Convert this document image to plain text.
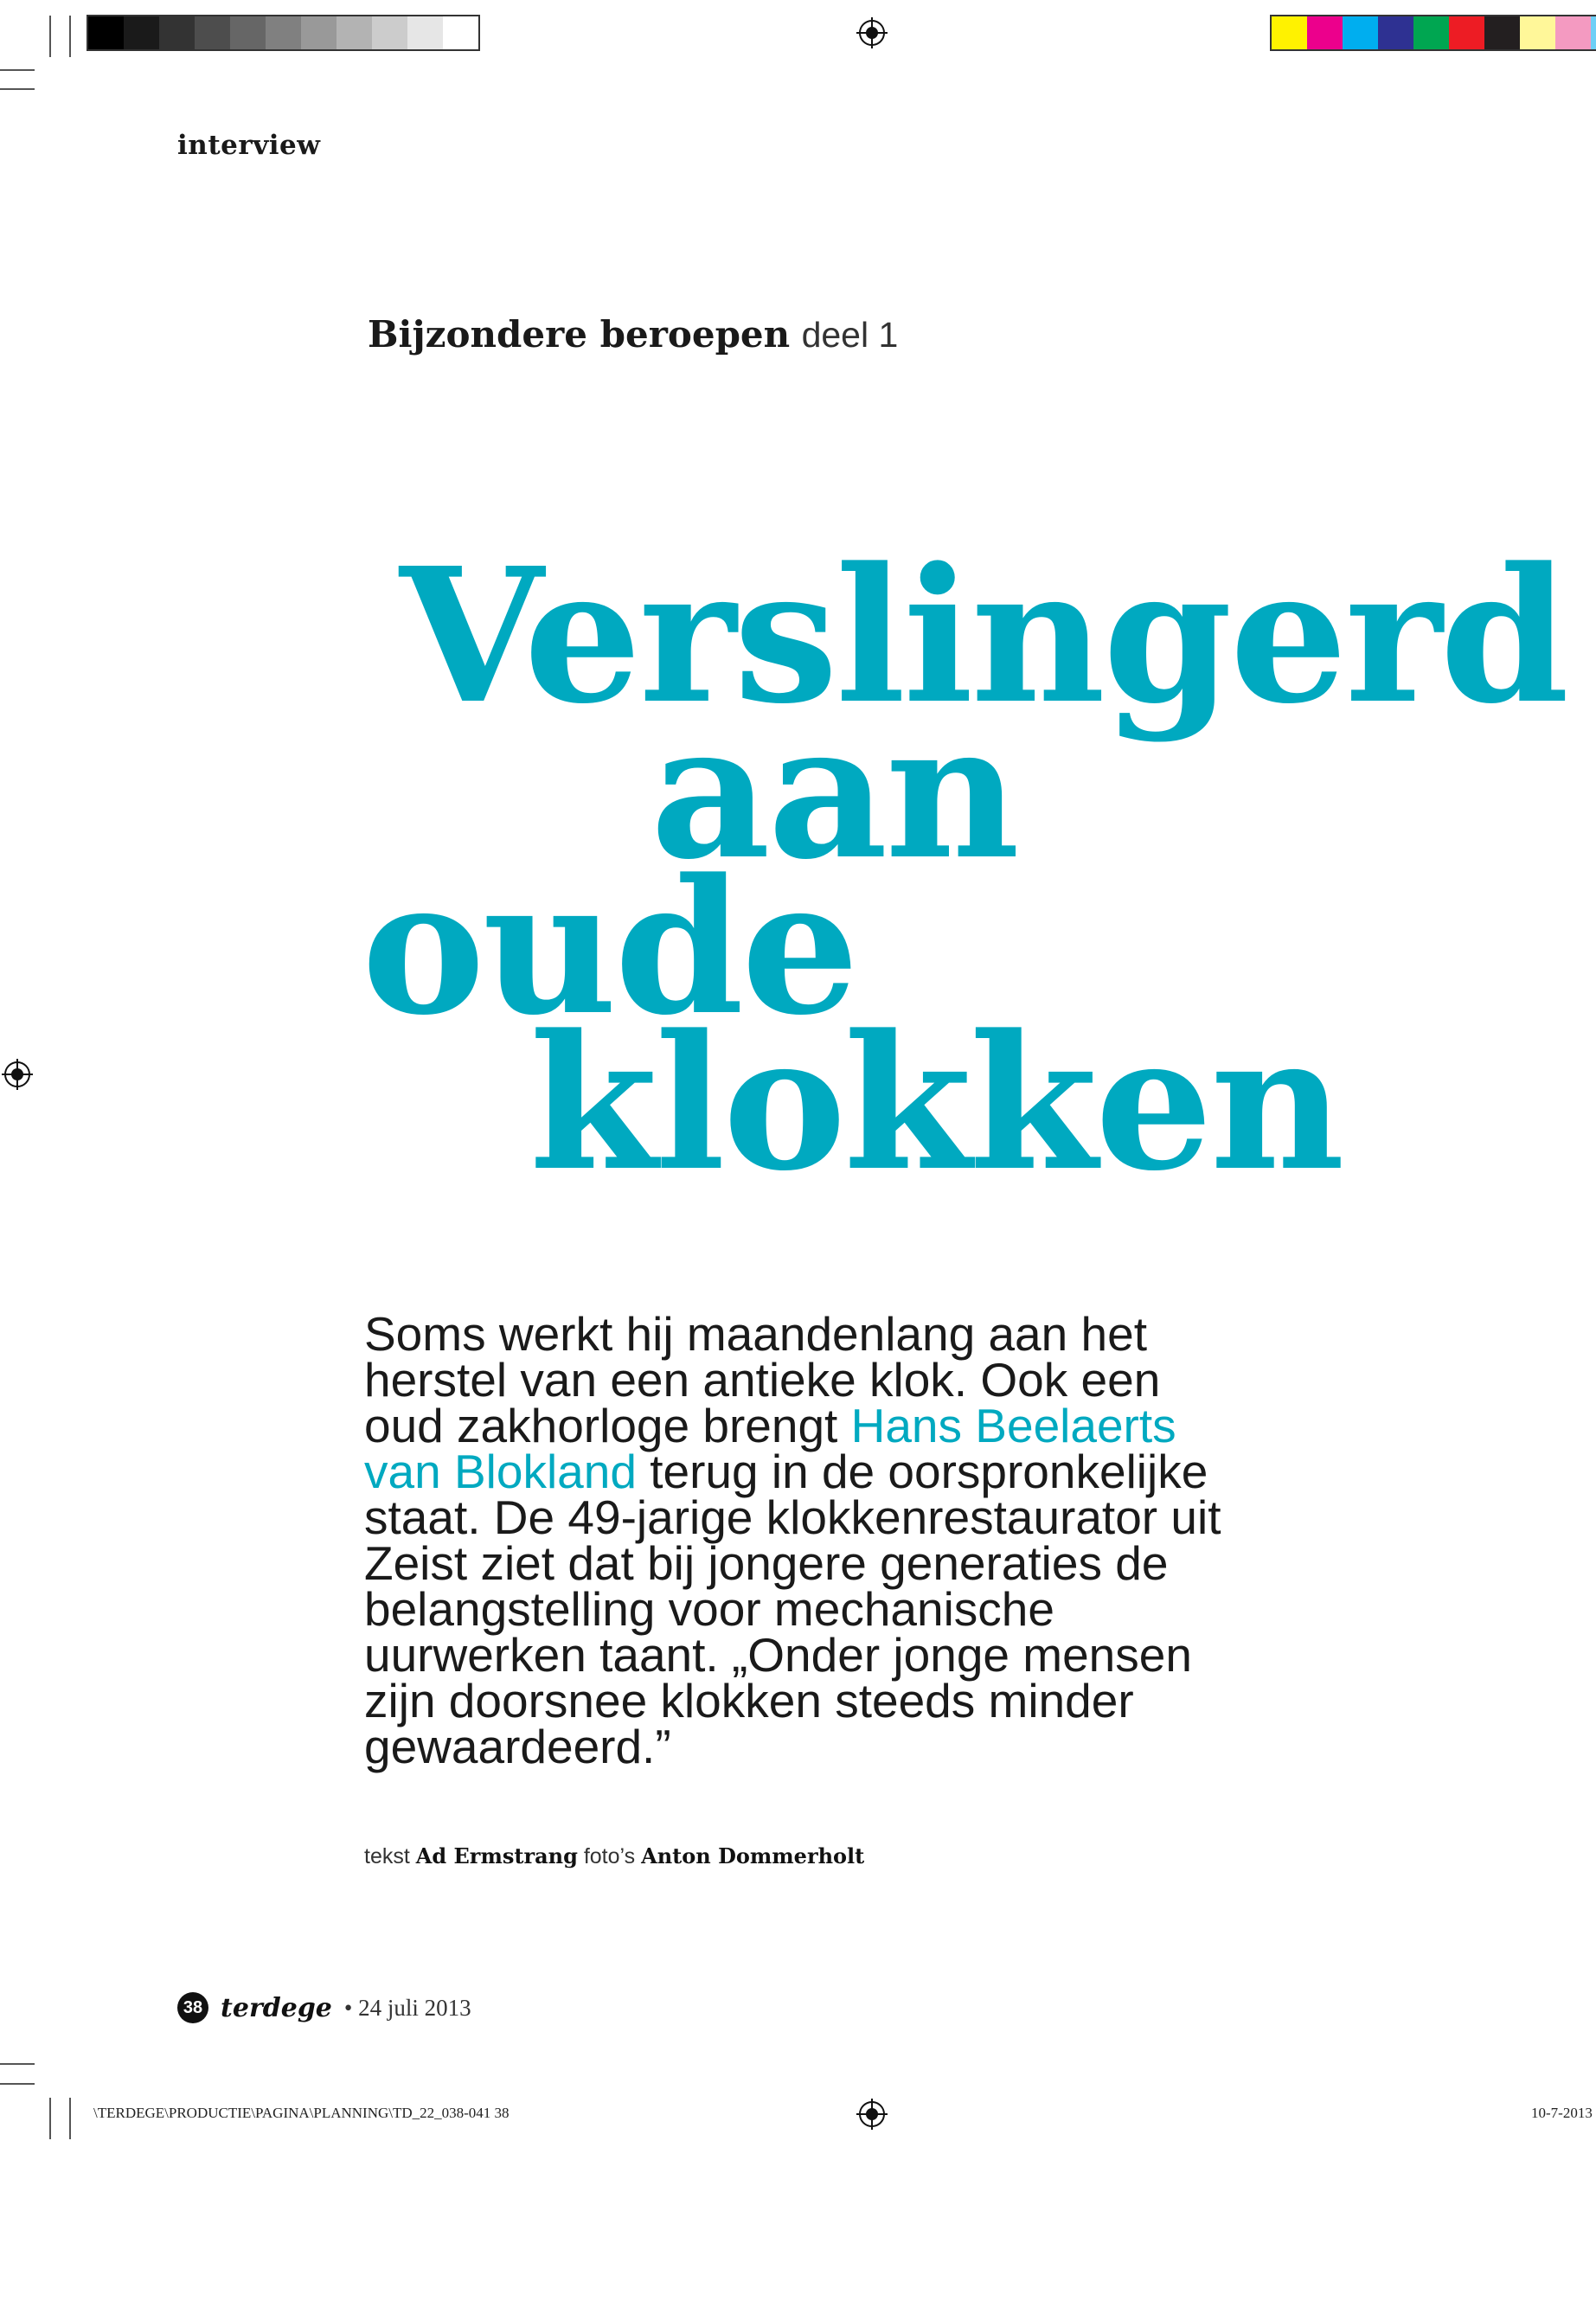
interview
Bijzondere beroepen deel 1
Verslingerd
aan
oude
klokken
Soms werkt hij maandenlang aan het herstel van een antieke klok. Ook een oud zakhorloge brengt Hans Beelaerts van Blokland terug in de oorspronkelijke staat. De 49-jarige klokkenrestaurator uit Zeist ziet dat bij jongere generaties de belangstelling voor mechanische uurwerken taant. „Onder jonge mensen zijn doorsnee klokken steeds minder gewaardeerd.”
tekst Ad Ermstrang foto’s Anton Dommerholt
38 terdege • 24 juli 2013
\TERDEGE\PRODUCTIE\PAGINA\PLANNING\TD_22_038-041 38	10-7-2013
